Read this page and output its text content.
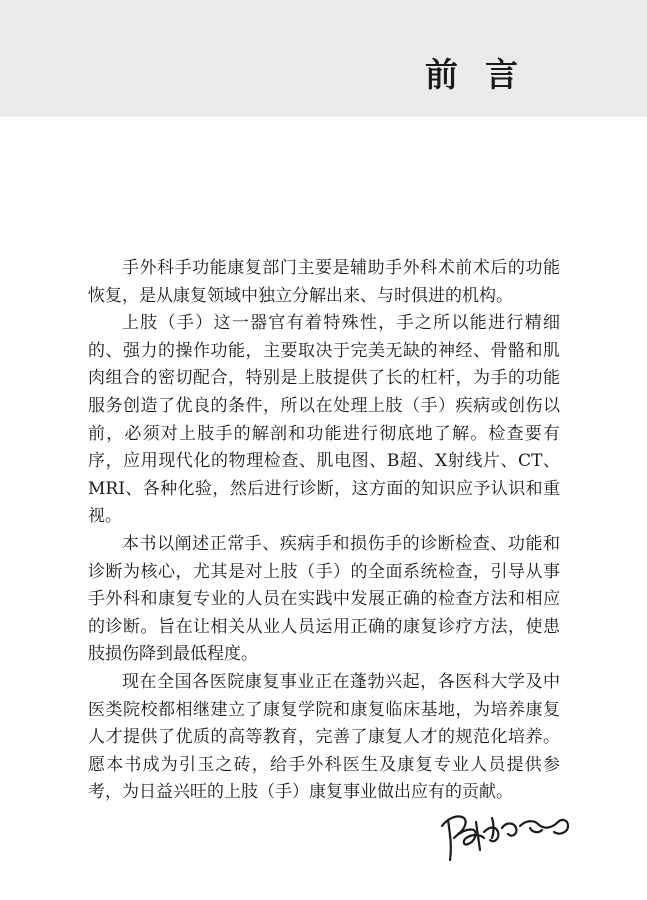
前言

手外科手功能康复部门主要是辅助手外科术前术后的功能恢复，是从康复领域中独立分解出来、与时俱进的机构。

上肢（手）这一器官有着特殊性，手之所以能进行精细的、强力的操作功能，主要取决于完美无缺的神经、骨骼和肌肉组合的密切配合，特别是上肢提供了长的杠杆，为手的功能服务创造了优良的条件，所以在处理上肢（手）疾病或创伤以前，必须对上肢手的解剖和功能进行彻底地了解。检查要有序，应用现代化的物理检查、肌电图、B超、X射线片、CT、MRI、各种化验，然后进行诊断，这方面的知识应予认识和重视。

本书以阐述正常手、疾病手和损伤手的诊断检查、功能和诊断为核心，尤其是对上肢（手）的全面系统检查，引导从事手外科和康复专业的人员在实践中发展正确的检查方法和相应的诊断。旨在让相关从业人员运用正确的康复诊疗方法，使患肢损伤降到最低程度。

现在全国各医院康复事业正在蓬勃兴起，各医科大学及中医类院校都相继建立了康复学院和康复临床基地，为培养康复人才提供了优质的高等教育，完善了康复人才的规范化培养。愿本书成为引玉之砖，给手外科医生及康复专业人员提供参考，为日益兴旺的上肢（手）康复事业做出应有的贡献。
